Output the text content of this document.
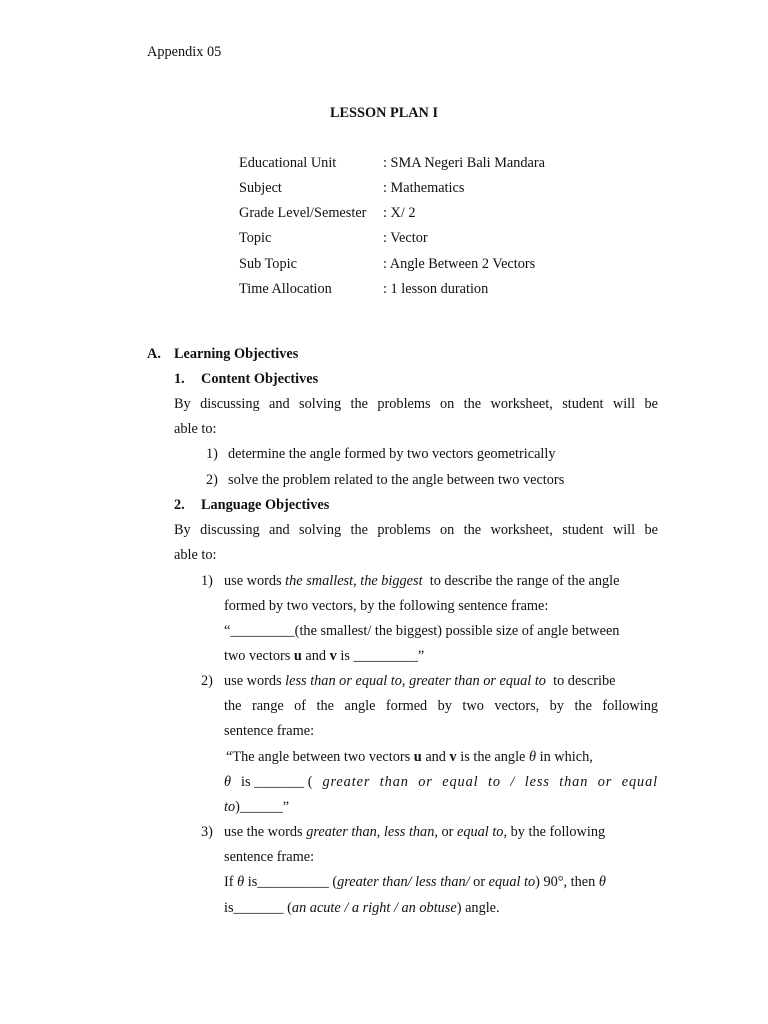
Appendix 05
LESSON PLAN I
Educational Unit	: SMA Negeri Bali Mandara
Subject	: Mathematics
Grade Level/Semester : X/ 2
Topic	: Vector
Sub Topic	: Angle Between 2 Vectors
Time Allocation	: 1 lesson duration
A. Learning Objectives
1. Content Objectives
By discussing and solving the problems on the worksheet, student will be
able to:
1) determine the angle formed by two vectors geometrically
2) solve the problem related to the angle between two vectors
2. Language Objectives
By discussing and solving the problems on the worksheet, student will be
able to:
1) use words the smallest, the biggest to describe the range of the angle
formed by two vectors, by the following sentence frame:
“_________(the smallest/ the biggest) possible size of angle between
two vectors u and v is _________”
2) use words less than or equal to, greater than or equal to to describe
the range of the angle formed by two vectors, by the following
sentence frame:
“The angle between two vectors u and v is the angle θ in which,
θ is _______ ( greater than or equal to / less than or equal
to)______”
3) use the words greater than, less than, or equal to, by the following
sentence frame:
If θ is__________ (greater than/ less than/ or equal to) 90°, then θ
is_______ (an acute / a right / an obtuse) angle.
